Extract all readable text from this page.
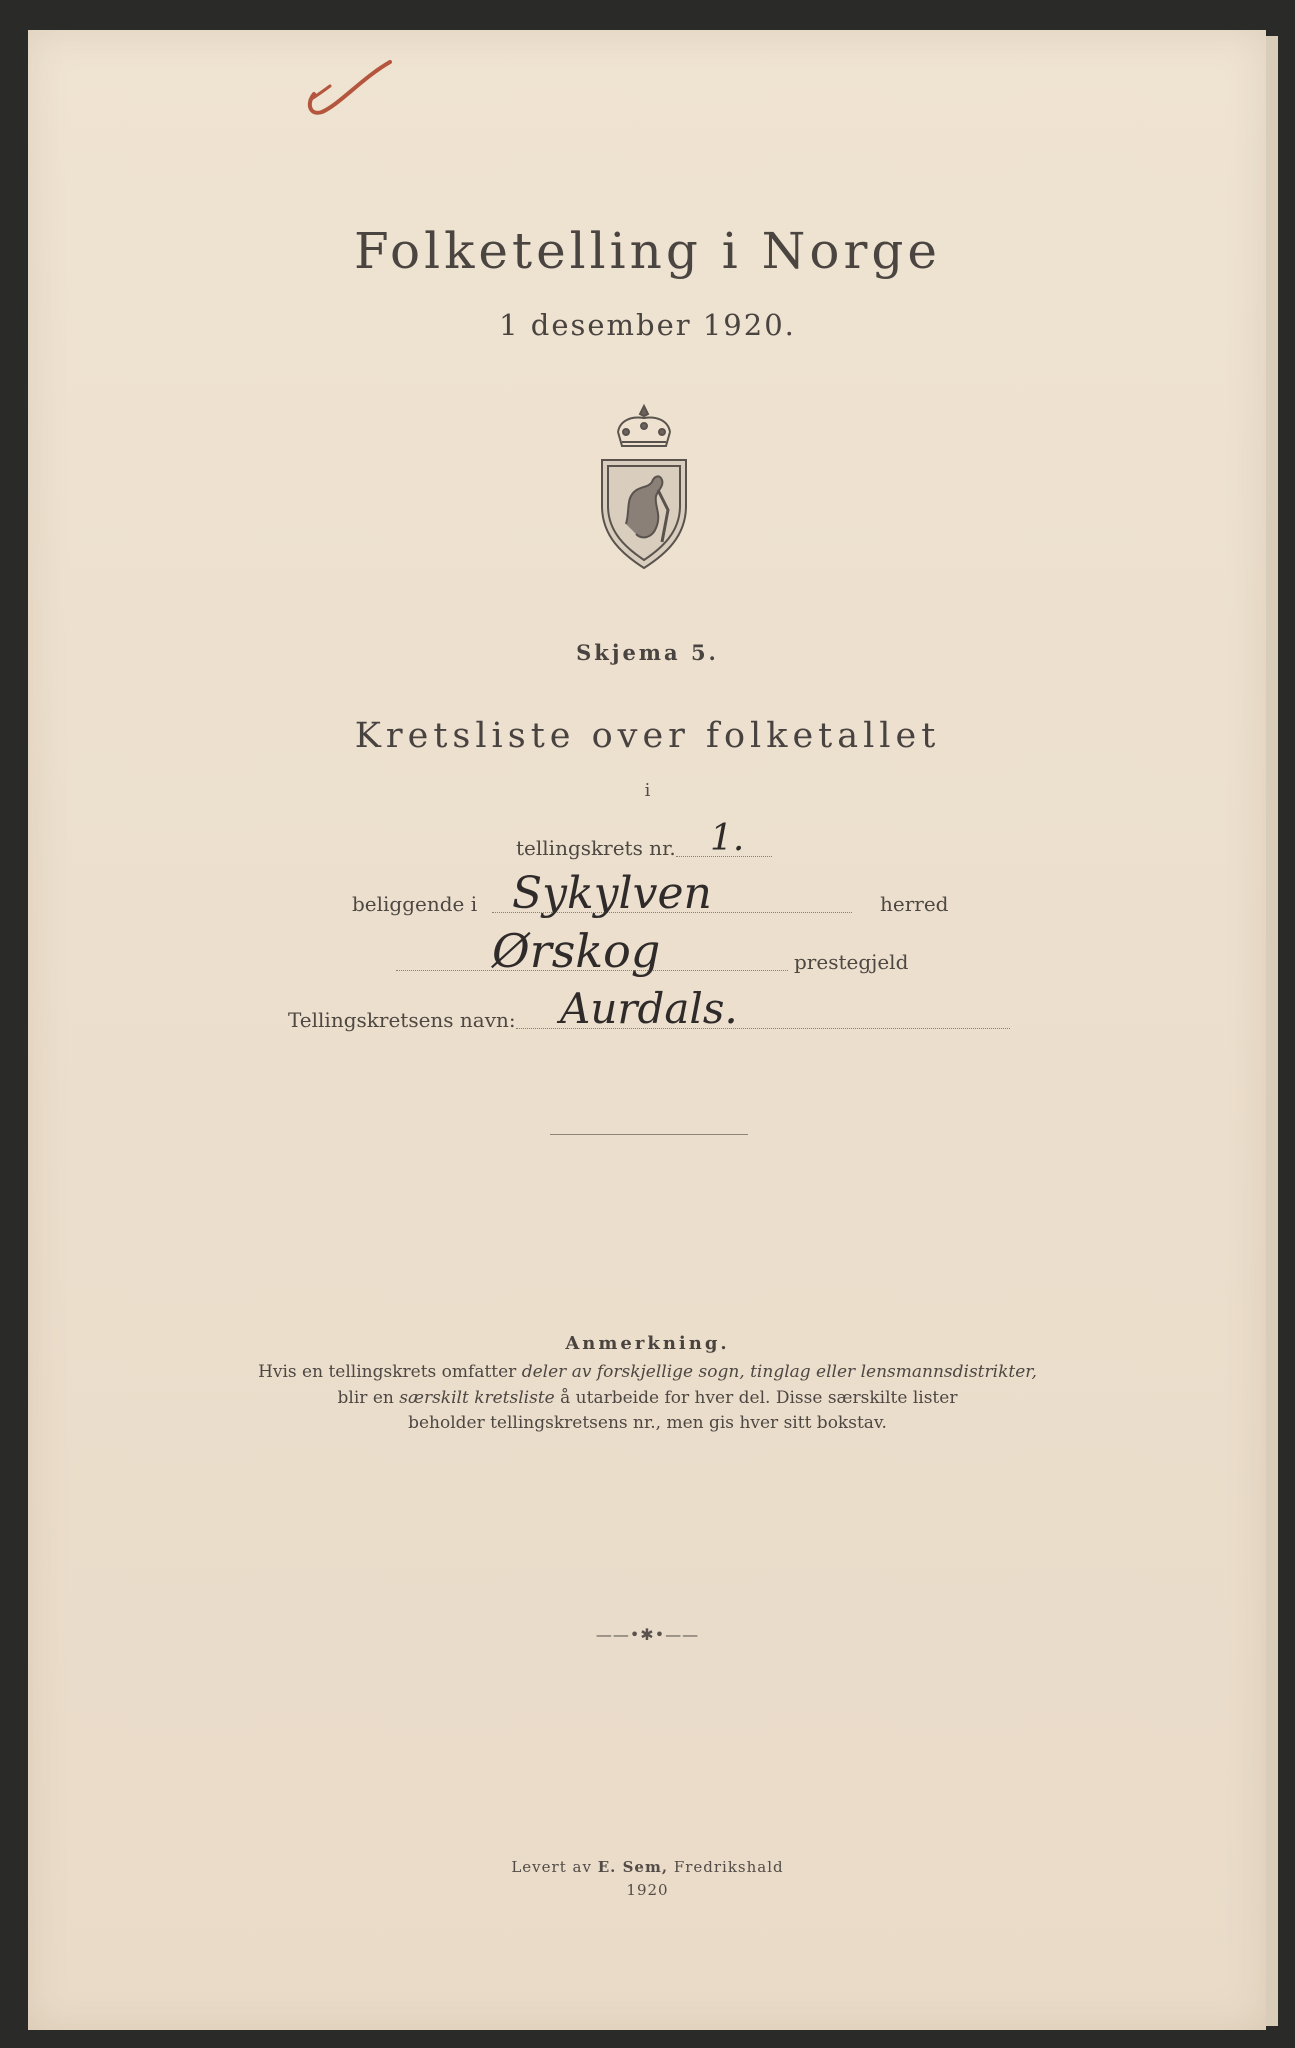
Folketelling i Norge
1 desember 1920.
Skjema 5.
Kretsliste over folketallet
i
tellingskrets nr. 1.
beliggende i Sykylven	herred
Ørskog	prestegjeld
Tellingskretsens navn: Aurdals.
Anmerkning.
Hvis en tellingskrets omfatter deler av forskjellige sogn, tinglag eller lensmannsdistrikter,
blir en særskilt kretsliste å utarbeide for hver del. Disse særskilte lister
beholder tellingskretsens nr., men gis hver sitt bokstav.
——•✱•——
Levert av E. Sem, Fredrikshald
1920
